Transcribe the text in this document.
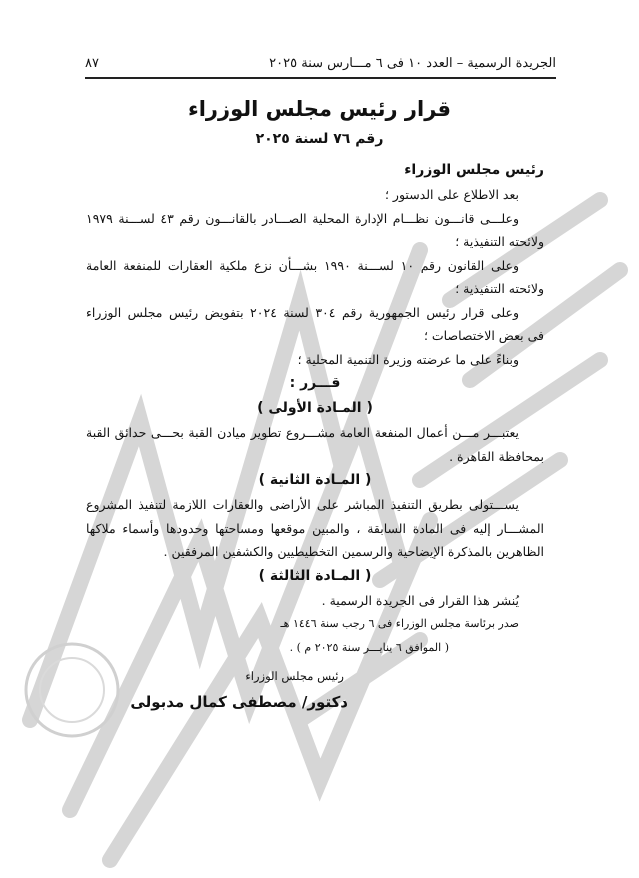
الجريدة الرسمية – العدد ١٠ فى ٦ مـــارس سنة ٢٠٢٥
٨٧
قرار رئيس مجلس الوزراء
رقم ٧٦ لسنة ٢٠٢٥
رئيس مجلس الوزراء
بعد الاطلاع على الدستور ؛
وعلـــى قانـــون نظـــام الإدارة المحلية الصـــادر بالقانـــون رقم ٤٣ لســـنة ١٩٧٩
ولائحته التنفيذية ؛
وعلى القانون رقم ١٠ لســـنة ١٩٩٠ بشـــأن نزع ملكية العقارات للمنفعة العامة
ولائحته التنفيذية ؛
وعلى قرار رئيس الجمهورية رقم ٣٠٤ لسنة ٢٠٢٤ بتفويض رئيس مجلس الوزراء
فى بعض الاختصاصات ؛
وبناءً على ما عرضته وزيرة التنمية المحلية ؛
قـــرر :
( المـادة الأولى )
يعتبـــر مـــن أعمال المنفعة العامة مشـــروع تطوير ميادن القبة بحـــى حدائق القبة
بمحافظة القاهرة .
( المـادة الثانية )
يســـتولى بطريق التنفيذ المباشر على الأراضى والعقارات اللازمة لتنفيذ المشروع
المشـــار إليه فى المادة السابقة ، والمبين موقعها ومساحتها وحدودها وأسماء ملاكها
الظاهرين بالمذكرة الإيضاحية والرسمين التخطيطيين والكشفين المرفقين .
( المـادة الثالثة )
يُنشر هذا القرار فى الجريدة الرسمية .
صدر برئاسة مجلس الوزراء فى ٦ رجب سنة ١٤٤٦ هـ
( الموافق ٦ ينايـــر سنة ٢٠٢٥ م ) .
رئيس مجلس الوزراء
دكتور/ مصطفى كمال مدبولى
